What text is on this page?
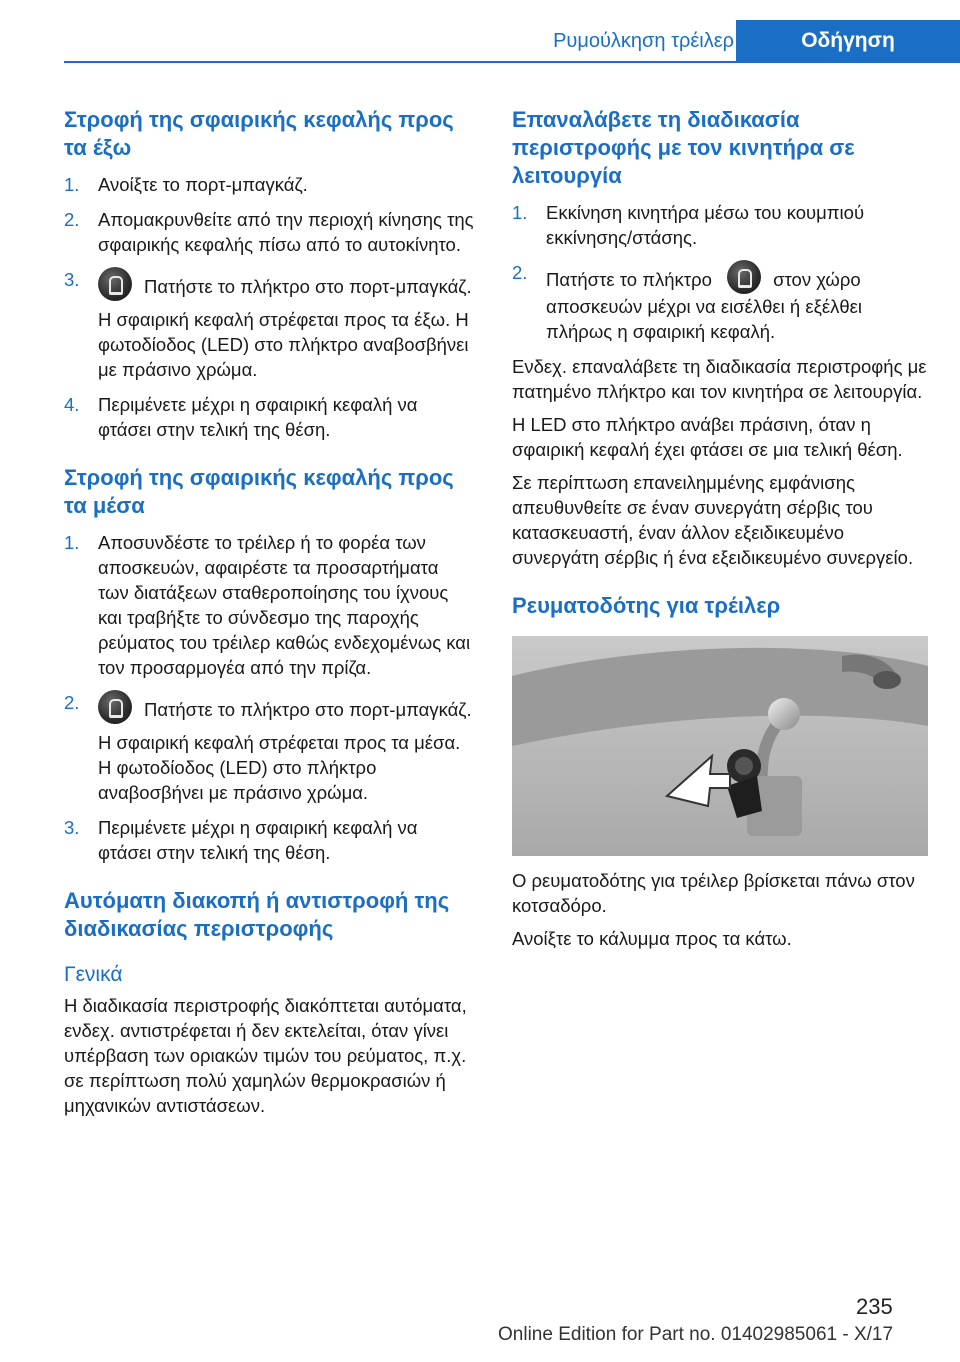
Ρυμούλκηση τρέιλερ	Οδήγηση
Στροφή της σφαιρικής κεφαλής προς τα έξω
1. Ανοίξτε το πορτ-μπαγκάζ.

2. Απομακρυνθείτε από την περιοχή κίνησης της σφαιρικής κεφαλής πίσω από το αυτοκίνητο.

3.	Πατήστε το πλήκτρο στο πορτ-μπαγκάζ.

Η σφαιρική κεφαλή στρέφεται προς τα έξω. Η φωτοδίοδος (LED) στο πλήκτρο αναβοσβήνει με πράσινο χρώμα.

4. Περιμένετε μέχρι η σφαιρική κεφαλή να φτάσει στην τελική της θέση.

Στροφή της σφαιρικής κεφαλής προς τα μέσα
1. Αποσυνδέστε το τρέιλερ ή το φορέα των αποσκευών, αφαιρέστε τα προσαρτήματα των διατάξεων σταθεροποίησης του ίχνους και τραβήξτε το σύνδεσμο της παροχής ρεύματος του τρέιλερ καθώς ενδεχομένως και τον προσαρμογέα από την πρίζα.

2.	Πατήστε το πλήκτρο στο πορτ-μπαγκάζ.

Η σφαιρική κεφαλή στρέφεται προς τα μέσα. Η φωτοδίοδος (LED) στο πλήκτρο αναβοσβήνει με πράσινο χρώμα.

3. Περιμένετε μέχρι η σφαιρική κεφαλή να φτάσει στην τελική της θέση.

Αυτόματη διακοπή ή αντιστροφή της διαδικασίας περιστροφής
Γενικά

Η διαδικασία περιστροφής διακόπτεται αυτόματα, ενδεχ. αντιστρέφεται ή δεν εκτελείται, όταν γίνει υπέρβαση των οριακών τιμών του ρεύματος, π.χ. σε περίπτωση πολύ χαμηλών θερμοκρασιών ή μηχανικών αντιστάσεων.

Επαναλάβετε τη διαδικασία περιστροφής με τον κινητήρα σε λειτουργία
1. Εκκίνηση κινητήρα μέσω του κουμπιού εκκίνησης/στάσης.

2. Πατήστε το πλήκτρο	στον χώρο αποσκευών μέχρι να εισέλθει ή εξέλθει πλήρως η σφαιρική κεφαλή.

Ενδεχ. επαναλάβετε τη διαδικασία περιστροφής με πατημένο πλήκτρο και τον κινητήρα σε λειτουργία.

Η LED στο πλήκτρο ανάβει πράσινη, όταν η σφαιρική κεφαλή έχει φτάσει σε μια τελική θέση.

Σε περίπτωση επανειλημμένης εμφάνισης απευθυνθείτε σε έναν συνεργάτη σέρβις του κατασκευαστή, έναν άλλον εξειδικευμένο συνεργάτη σέρβις ή ένα εξειδικευμένο συνεργείο.

Ρευματοδότης για τρέιλερ

Ο ρευματοδότης για τρέιλερ βρίσκεται πάνω στον κοτσαδόρο.

Ανοίξτε το κάλυμμα προς τα κάτω.

235
Online Edition for Part no. 01402985061 - X/17
